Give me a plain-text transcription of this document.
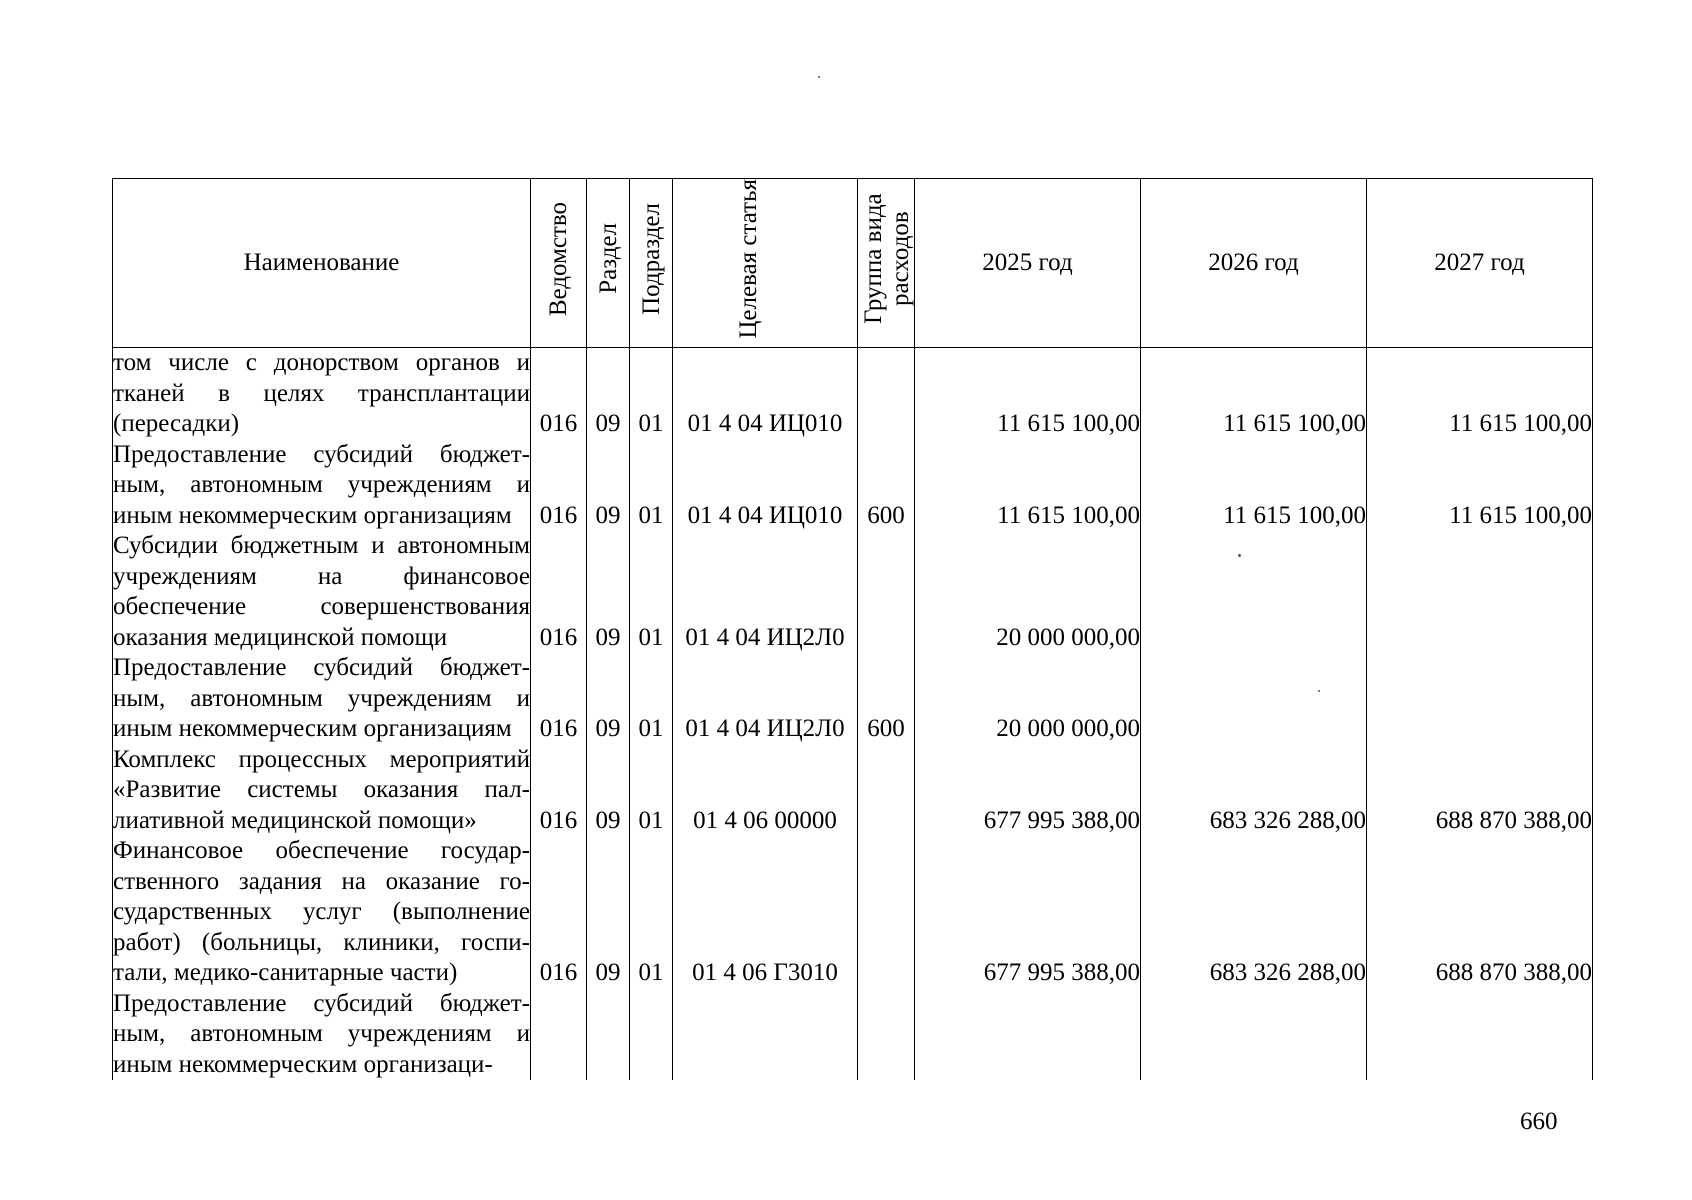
Наименование	Ведомство	Раздел	Подраздел	Целевая статья	Группа вида расходов	2025 год	2026 год	2027 год
том числе с донорством органов и тканей в целях трансплантации (пересадки)	016	09	01	01 4 04 ИЦ010		11 615 100,00	11 615 100,00	11 615 100,00
Предоставление субсидий бюджетным, автономным учреждениям и иным некоммерческим организациям	016	09	01	01 4 04 ИЦ010	600	11 615 100,00	11 615 100,00	11 615 100,00
Субсидии бюджетным и автономным учреждениям на финансовое обеспечение совершенствования оказания медицинской помощи	016	09	01	01 4 04 ИЦ2Л0		20 000 000,00		
Предоставление субсидий бюджетным, автономным учреждениям и иным некоммерческим организациям	016	09	01	01 4 04 ИЦ2Л0	600	20 000 000,00		
Комплекс процессных мероприятий «Развитие системы оказания паллиативной медицинской помощи»	016	09	01	01 4 06 00000		677 995 388,00	683 326 288,00	688 870 388,00
Финансовое обеспечение государственного задания на оказание государственных услуг (выполнение работ) (больницы, клиники, госпитали, медико-санитарные части)	016	09	01	01 4 06 Г3010		677 995 388,00	683 326 288,00	688 870 388,00
Предоставление субсидий бюджетным, автономным учреждениям и иным некоммерческим организаци-								
660
